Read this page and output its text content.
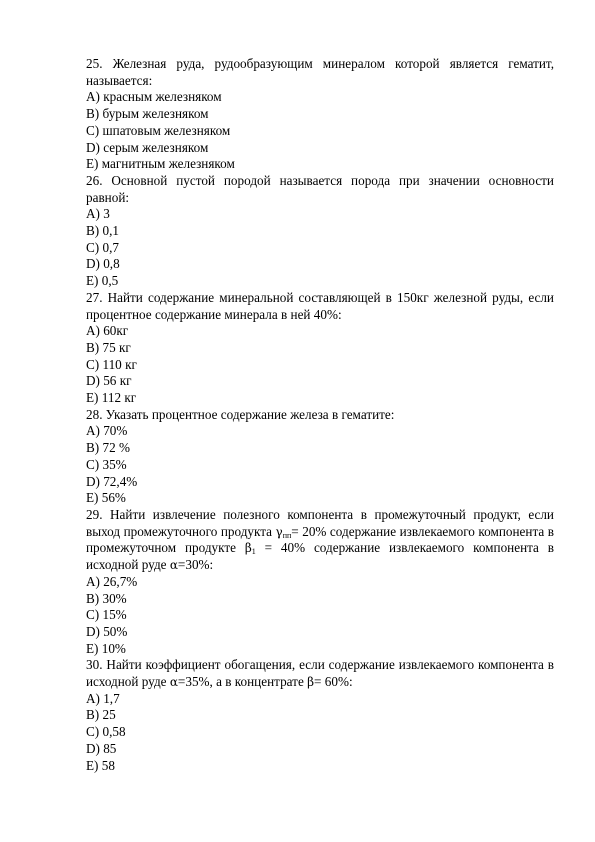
25. Железная руда, рудообразующим минералом которой является гематит, называется:
A) красным железняком
B) бурым железняком
C) шпатовым железняком
D) серым железняком
E) магнитным железняком
26. Основной пустой породой называется порода при значении основности равной:
A) 3
B) 0,1
C) 0,7
D) 0,8
E) 0,5
27. Найти содержание минеральной составляющей в 150кг железной руды, если процентное содержание минерала в ней 40%:
A) 60кг
B) 75 кг
C) 110 кг
D) 56 кг
E) 112 кг
28. Указать процентное содержание железа в гематите:
A) 70%
B) 72 %
C) 35%
D) 72,4%
E) 56%
29. Найти извлечение полезного компонента в промежуточный продукт, если выход промежуточного продукта $\gamma_{пп}= 20\%$ содержание извлекаемого компонента в промежуточном продукте $\beta_1 = 40\%$ содержание извлекаемого компонента в исходной руде α=30%:
A) 26,7%
B) 30%
C) 15%
D) 50%
E) 10%
30. Найти коэффициент обогащения, если содержание извлекаемого компонента в исходной руде α=35%, а в концентрате β= 60%:
A) 1,7
B) 25
C) 0,58
D) 85
E) 58
